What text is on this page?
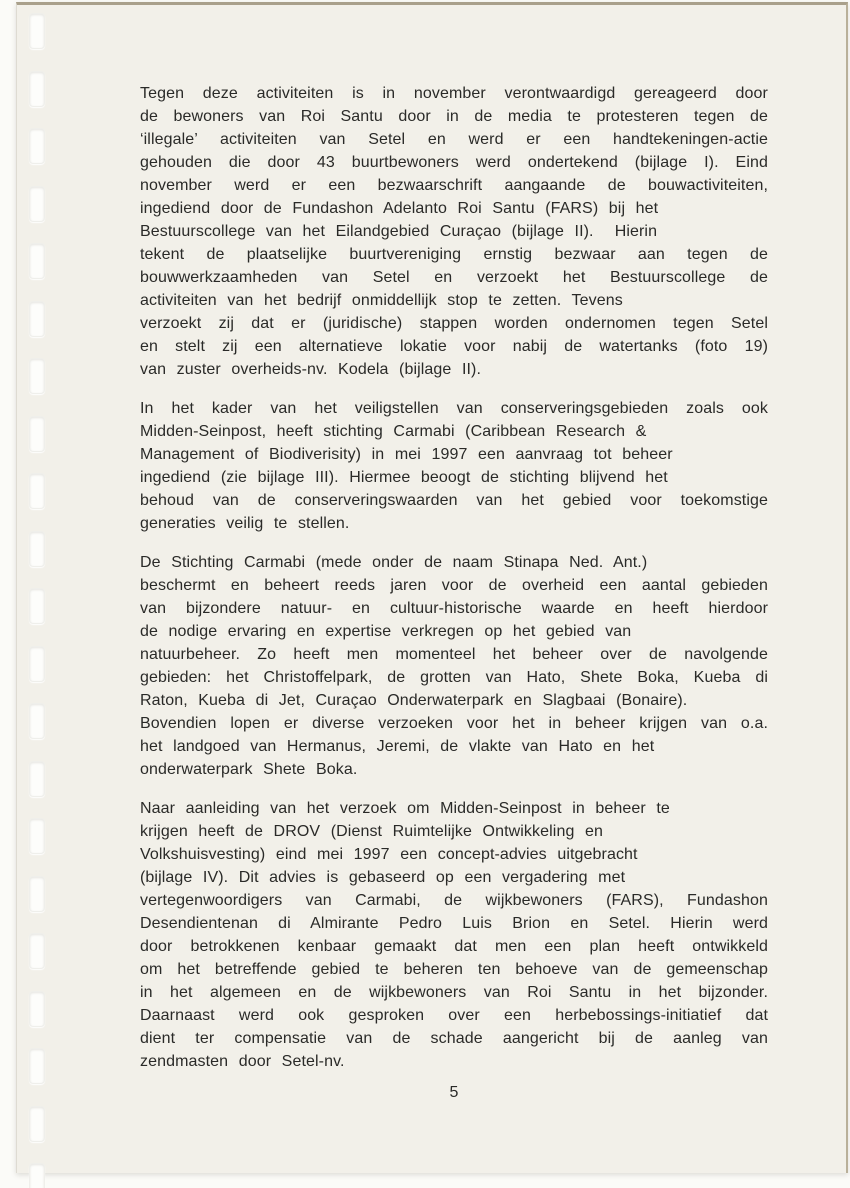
Tegen deze activiteiten is in november verontwaardigd gereageerd door
de bewoners van Roi Santu door in de media te protesteren tegen de
‘illegale’ activiteiten van Setel en werd er een handtekeningen-actie
gehouden die door 43 buurtbewoners werd ondertekend (bijlage I). Eind
november werd er een bezwaarschrift aangaande de bouwactiviteiten,
ingediend door de Fundashon Adelanto Roi Santu (FARS) bij het
Bestuurscollege van het Eilandgebied Curaçao (bijlage II).  Hierin
tekent de plaatselijke buurtvereniging ernstig bezwaar aan tegen de
bouwwerkzaamheden van Setel en verzoekt het Bestuurscollege de
activiteiten van het bedrijf onmiddellijk stop te zetten. Tevens
verzoekt zij dat er (juridische) stappen worden ondernomen tegen Setel
en stelt zij een alternatieve lokatie voor nabij de watertanks (foto 19)
van zuster overheids-nv. Kodela (bijlage II).
In het kader van het veiligstellen van conserveringsgebieden zoals ook
Midden-Seinpost, heeft stichting Carmabi (Caribbean Research &
Management of Biodiverisity) in mei 1997 een aanvraag tot beheer
ingediend (zie bijlage III). Hiermee beoogt de stichting blijvend het
behoud van de conserveringswaarden van het gebied voor toekomstige
generaties veilig te stellen.
De Stichting Carmabi (mede onder de naam Stinapa Ned. Ant.)
beschermt en beheert reeds jaren voor de overheid een aantal gebieden
van bijzondere natuur- en cultuur-historische waarde en heeft hierdoor
de nodige ervaring en expertise verkregen op het gebied van
natuurbeheer. Zo heeft men momenteel het beheer over de navolgende
gebieden: het Christoffelpark, de grotten van Hato, Shete Boka, Kueba di
Raton, Kueba di Jet, Curaçao Onderwaterpark en Slagbaai (Bonaire).
Bovendien lopen er diverse verzoeken voor het in beheer krijgen van o.a.
het landgoed van Hermanus, Jeremi, de vlakte van Hato en het
onderwaterpark Shete Boka.
Naar aanleiding van het verzoek om Midden-Seinpost in beheer te
krijgen heeft de DROV (Dienst Ruimtelijke Ontwikkeling en
Volkshuisvesting) eind mei 1997 een concept-advies uitgebracht
(bijlage IV). Dit advies is gebaseerd op een vergadering met
vertegenwoordigers van Carmabi, de wijkbewoners (FARS), Fundashon
Desendientenan di Almirante Pedro Luis Brion en Setel. Hierin werd
door betrokkenen kenbaar gemaakt dat men een plan heeft ontwikkeld
om het betreffende gebied te beheren ten behoeve van de gemeenschap
in het algemeen en de wijkbewoners van Roi Santu in het bijzonder.
Daarnaast werd ook gesproken over een herbebossings-initiatief dat
dient ter compensatie van de schade aangericht bij de aanleg van
zendmasten door Setel-nv.
5
